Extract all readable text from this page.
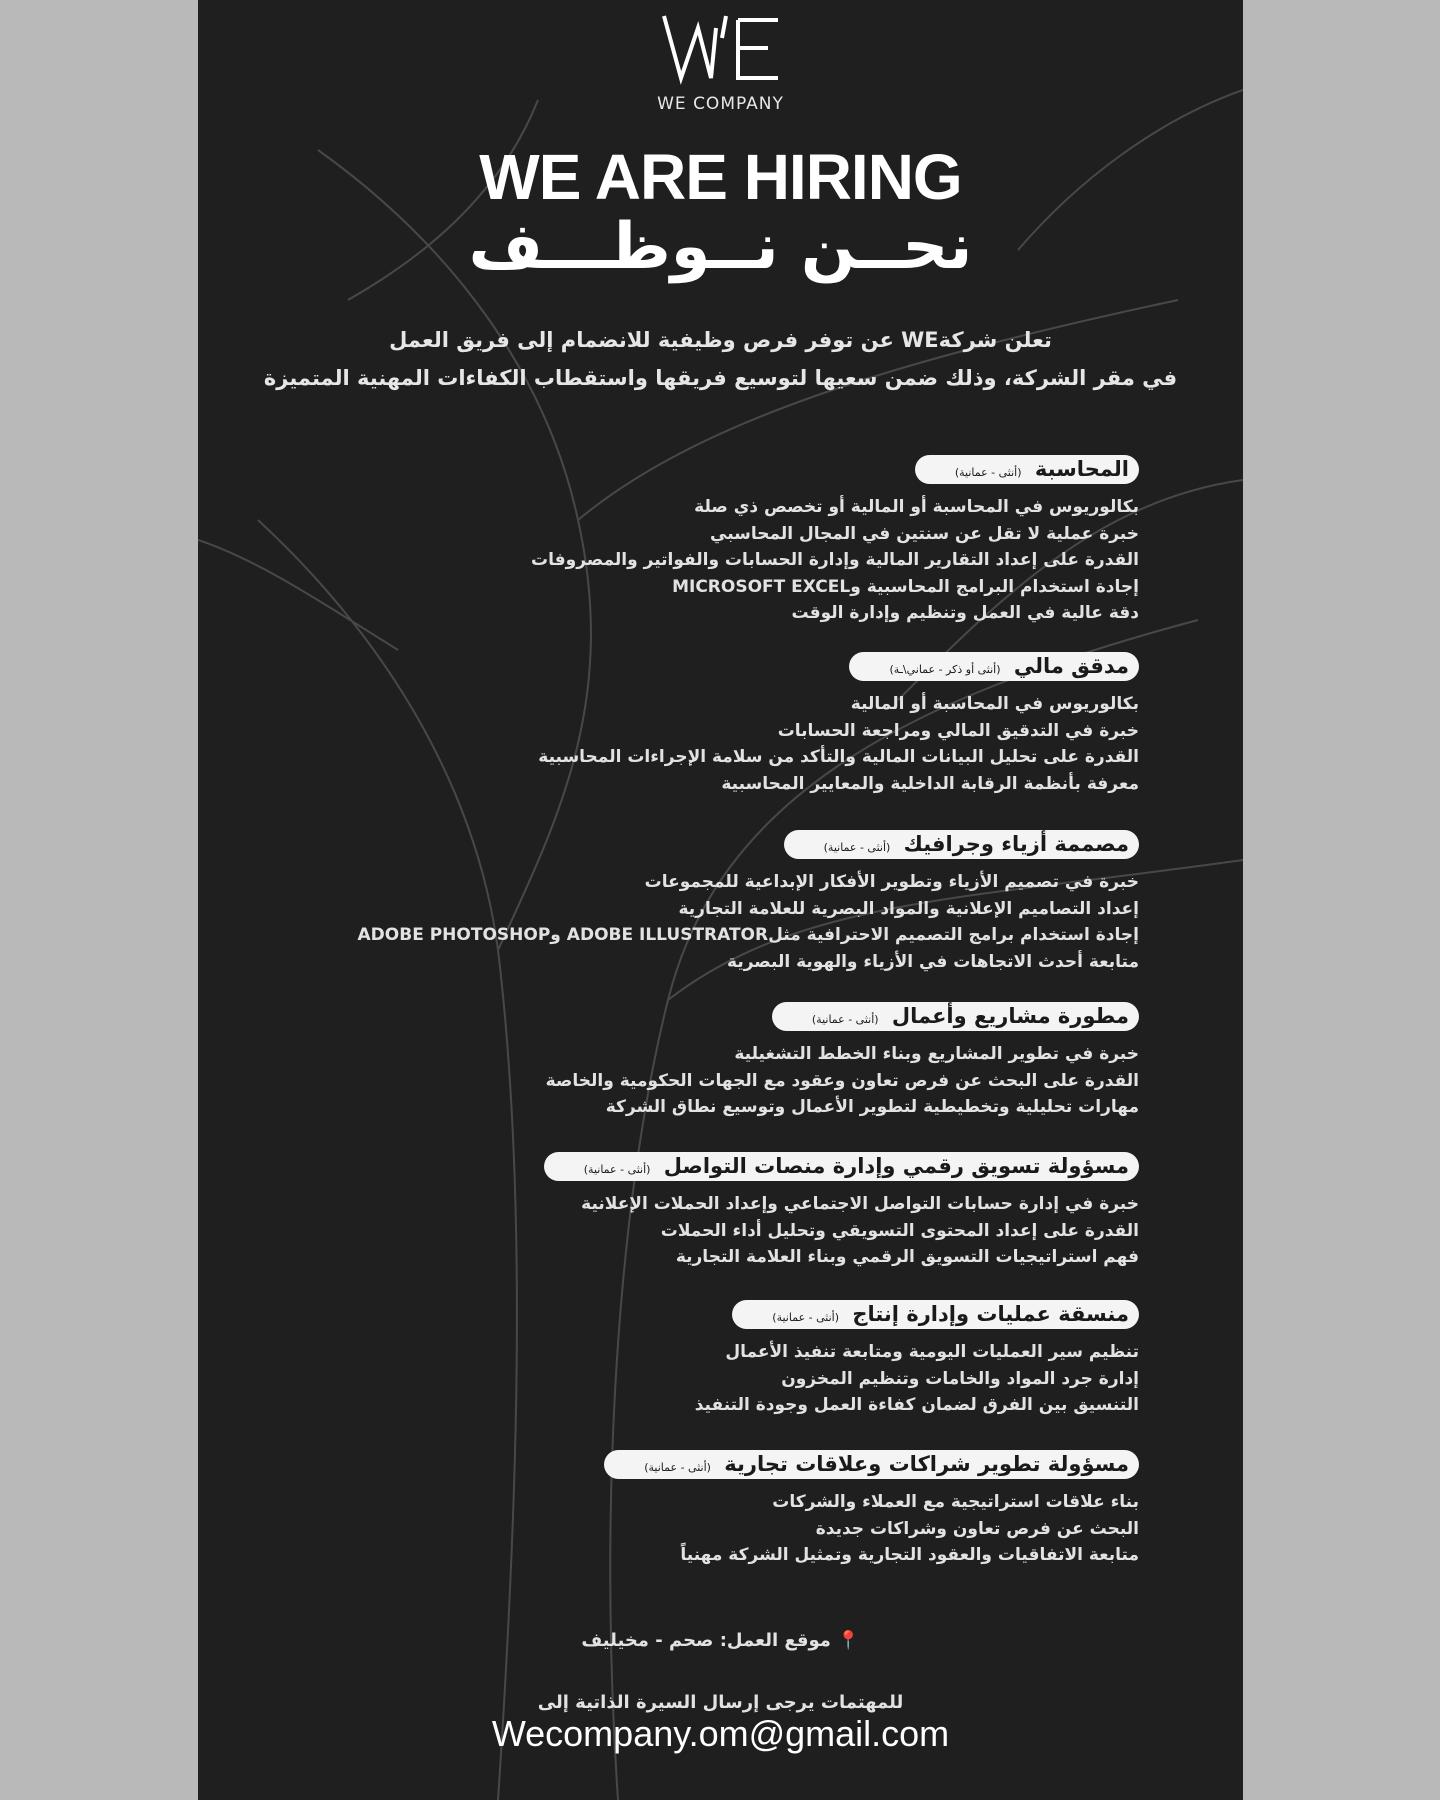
WE COMPANY
WE ARE HIRING
نحــن نــوظـــف
تعلن شركةWE عن توفر فرص وظيفية للانضمام إلى فريق العمل
في مقر الشركة، وذلك ضمن سعيها لتوسيع فريقها واستقطاب الكفاءات المهنية المتميزة
المحاسبة (أنثى - عمانية)
بكالوريوس في المحاسبة أو المالية أو تخصص ذي صلة
خبرة عملية لا تقل عن سنتين في المجال المحاسبي
القدرة على إعداد التقارير المالية وإدارة الحسابات والفواتير والمصروفات
إجادة استخدام البرامج المحاسبية وMICROSOFT EXCEL
دقة عالية في العمل وتنظيم وإدارة الوقت
مدقق مالي (أنثى أو ذكر - عماني\ـة)
بكالوريوس في المحاسبة أو المالية
خبرة في التدقيق المالي ومراجعة الحسابات
القدرة على تحليل البيانات المالية والتأكد من سلامة الإجراءات المحاسبية
معرفة بأنظمة الرقابة الداخلية والمعايير المحاسبية
مصممة أزياء وجرافيك (أنثى - عمانية)
خبرة في تصميم الأزياء وتطوير الأفكار الإبداعية للمجموعات
إعداد التصاميم الإعلانية والمواد البصرية للعلامة التجارية
إجادة استخدام برامج التصميم الاحترافية مثلADOBE ILLUSTRATOR وADOBE PHOTOSHOP
متابعة أحدث الاتجاهات في الأزياء والهوية البصرية
مطورة مشاريع وأعمال (أنثى - عمانية)
خبرة في تطوير المشاريع وبناء الخطط التشغيلية
القدرة على البحث عن فرص تعاون وعقود مع الجهات الحكومية والخاصة
مهارات تحليلية وتخطيطية لتطوير الأعمال وتوسيع نطاق الشركة
مسؤولة تسويق رقمي وإدارة منصات التواصل (أنثى - عمانية)
خبرة في إدارة حسابات التواصل الاجتماعي وإعداد الحملات الإعلانية
القدرة على إعداد المحتوى التسويقي وتحليل أداء الحملات
فهم استراتيجيات التسويق الرقمي وبناء العلامة التجارية
منسقة عمليات وإدارة إنتاج (أنثى - عمانية)
تنظيم سير العمليات اليومية ومتابعة تنفيذ الأعمال
إدارة جرد المواد والخامات وتنظيم المخزون
التنسيق بين الفرق لضمان كفاءة العمل وجودة التنفيذ
مسؤولة تطوير شراكات وعلاقات تجارية (أنثى - عمانية)
بناء علاقات استراتيجية مع العملاء والشركات
البحث عن فرص تعاون وشراكات جديدة
متابعة الاتفاقيات والعقود التجارية وتمثيل الشركة مهنياً
📍 موقع العمل: صحم - مخيليف
للمهتمات يرجى إرسال السيرة الذاتية إلى
Wecompany.om@gmail.com
